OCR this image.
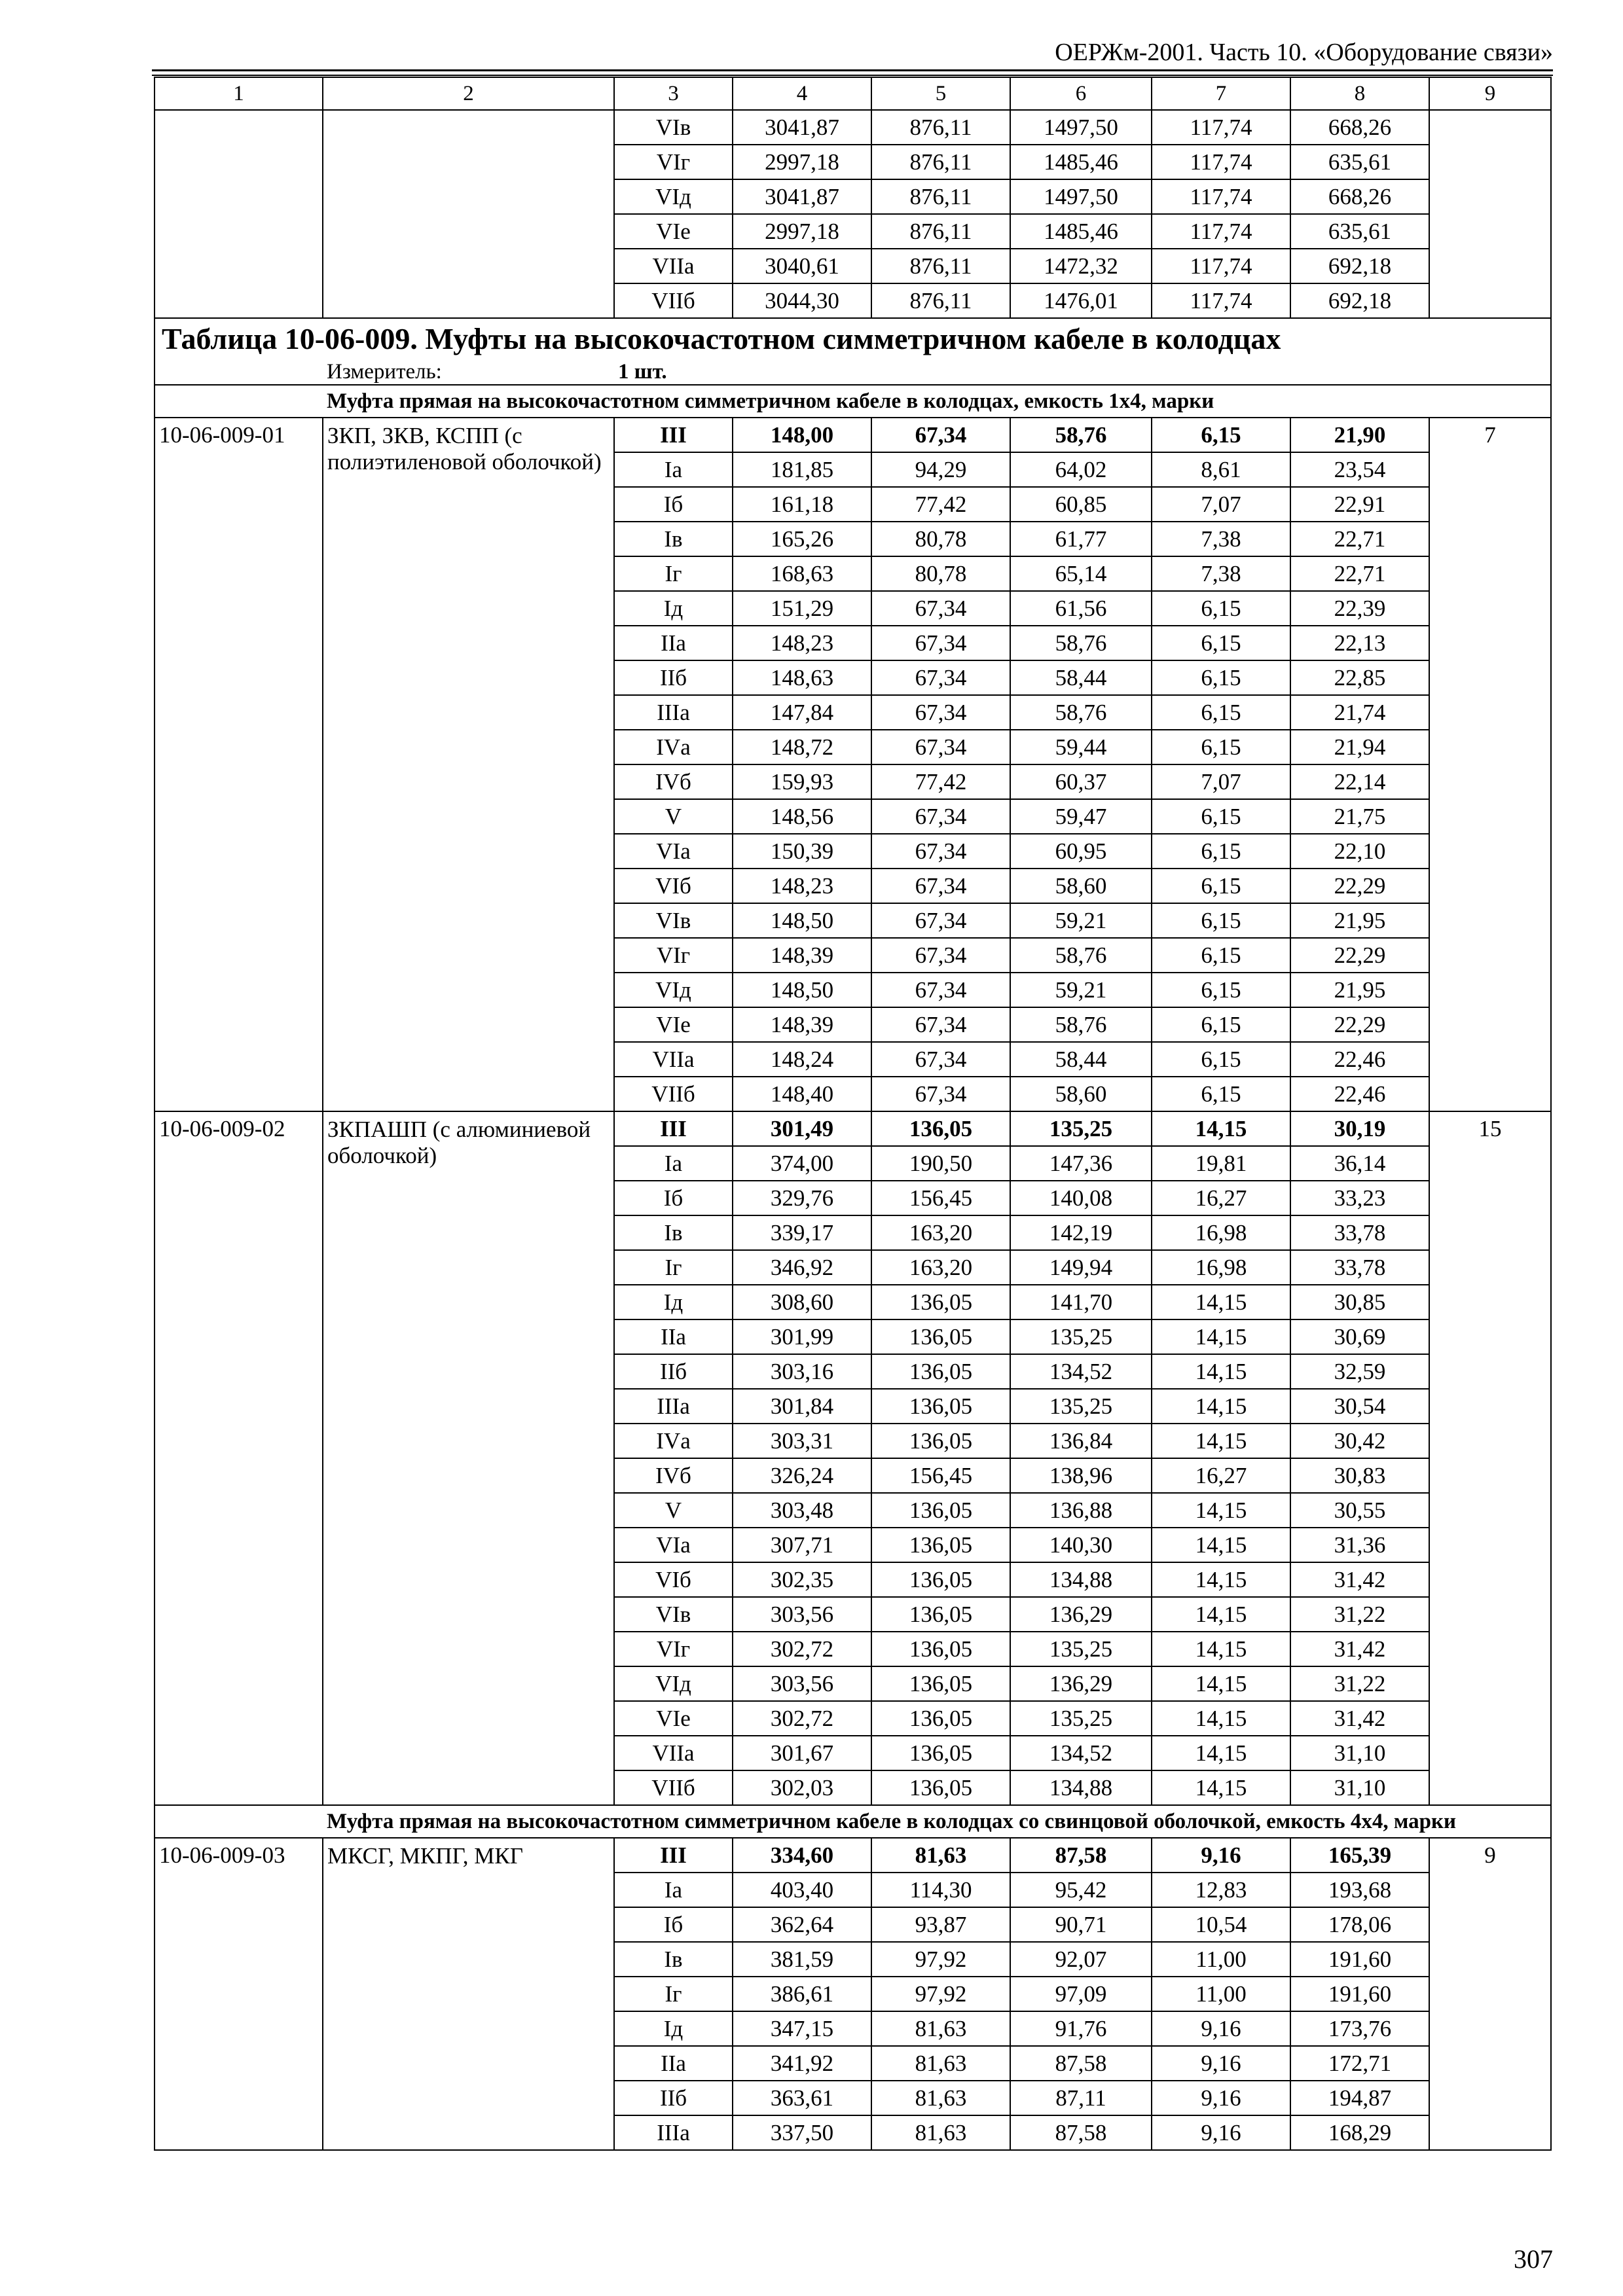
ОЕРЖм-2001. Часть 10. «Оборудование связи»
1	2	3	4	5	6	7	8	9
		VIв	3041,87	876,11	1497,50	117,74	668,26	
		VIг	2997,18	876,11	1485,46	117,74	635,61	
		VIд	3041,87	876,11	1497,50	117,74	668,26	
		VIе	2997,18	876,11	1485,46	117,74	635,61	
		VIIа	3040,61	876,11	1472,32	117,74	692,18	
		VIIб	3044,30	876,11	1476,01	117,74	692,18	
Таблица 10-06-009. Муфты на высокочастотном симметричном кабеле в колодцах								
	Измеритель:	1 шт.						
	Муфта прямая на высокочастотном симметричном кабеле в колодцах, емкость 1х4, марки							
10-06-009-01	ЗКП, ЗКВ, КСПП (с полиэтиленовой оболочкой)	III	148,00	67,34	58,76	6,15	21,90	7
		Iа	181,85	94,29	64,02	8,61	23,54	
		Iб	161,18	77,42	60,85	7,07	22,91	
		Iв	165,26	80,78	61,77	7,38	22,71	
		Iг	168,63	80,78	65,14	7,38	22,71	
		Iд	151,29	67,34	61,56	6,15	22,39	
		IIа	148,23	67,34	58,76	6,15	22,13	
		IIб	148,63	67,34	58,44	6,15	22,85	
		IIIа	147,84	67,34	58,76	6,15	21,74	
		IVа	148,72	67,34	59,44	6,15	21,94	
		IVб	159,93	77,42	60,37	7,07	22,14	
		V	148,56	67,34	59,47	6,15	21,75	
		VIа	150,39	67,34	60,95	6,15	22,10	
		VIб	148,23	67,34	58,60	6,15	22,29	
		VIв	148,50	67,34	59,21	6,15	21,95	
		VIг	148,39	67,34	58,76	6,15	22,29	
		VIд	148,50	67,34	59,21	6,15	21,95	
		VIе	148,39	67,34	58,76	6,15	22,29	
		VIIа	148,24	67,34	58,44	6,15	22,46	
		VIIб	148,40	67,34	58,60	6,15	22,46	
10-06-009-02	ЗКПАШП (с алюминиевой оболочкой)	III	301,49	136,05	135,25	14,15	30,19	15
		Iа	374,00	190,50	147,36	19,81	36,14	
		Iб	329,76	156,45	140,08	16,27	33,23	
		Iв	339,17	163,20	142,19	16,98	33,78	
		Iг	346,92	163,20	149,94	16,98	33,78	
		Iд	308,60	136,05	141,70	14,15	30,85	
		IIа	301,99	136,05	135,25	14,15	30,69	
		IIб	303,16	136,05	134,52	14,15	32,59	
		IIIа	301,84	136,05	135,25	14,15	30,54	
		IVа	303,31	136,05	136,84	14,15	30,42	
		IVб	326,24	156,45	138,96	16,27	30,83	
		V	303,48	136,05	136,88	14,15	30,55	
		VIа	307,71	136,05	140,30	14,15	31,36	
		VIб	302,35	136,05	134,88	14,15	31,42	
		VIв	303,56	136,05	136,29	14,15	31,22	
		VIг	302,72	136,05	135,25	14,15	31,42	
		VIд	303,56	136,05	136,29	14,15	31,22	
		VIе	302,72	136,05	135,25	14,15	31,42	
		VIIа	301,67	136,05	134,52	14,15	31,10	
		VIIб	302,03	136,05	134,88	14,15	31,10	
	Муфта прямая на высокочастотном симметричном кабеле в колодцах со свинцовой оболочкой, емкость 4х4, марки							
10-06-009-03	МКСГ, МКПГ, МКГ	III	334,60	81,63	87,58	9,16	165,39	9
		Iа	403,40	114,30	95,42	12,83	193,68	
		Iб	362,64	93,87	90,71	10,54	178,06	
		Iв	381,59	97,92	92,07	11,00	191,60	
		Iг	386,61	97,92	97,09	11,00	191,60	
		Iд	347,15	81,63	91,76	9,16	173,76	
		IIа	341,92	81,63	87,58	9,16	172,71	
		IIб	363,61	81,63	87,11	9,16	194,87	
		IIIа	337,50	81,63	87,58	9,16	168,29	
307
